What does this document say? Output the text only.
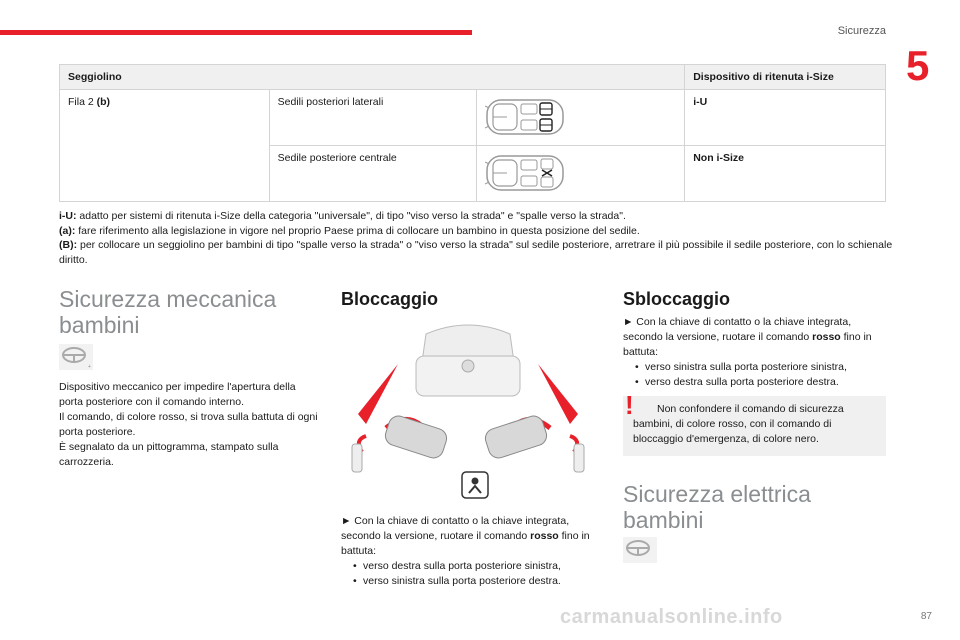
Sicurezza
5
Seggiolino			Dispositivo di ritenuta i-Size
Fila 2 (b)	Sedili posteriori laterali		i-U
	Sedile posteriore centrale		Non i-Size

i-U: adatto per sistemi di ritenuta i-Size della categoria "universale", di tipo "viso verso la strada" e "spalle verso la strada".

(a): fare riferimento alla legislazione in vigore nel proprio Paese prima di collocare un bambino in questa posizione del sedile.

(B): per collocare un seggiolino per bambini di tipo "spalle verso la strada" o "viso verso la strada" sul sedile posteriore, arretrare il più possibile il sedile posteriore, con lo schienale diritto.

Sicurezza meccanica bambini
+

Dispositivo meccanico per impedire l'apertura della porta posteriore con il comando interno.

Il comando, di colore rosso, si trova sulla battuta di ogni porta posteriore.

È segnalato da un pittogramma, stampato sulla carrozzeria.

Bloccaggio

► Con la chiave di contatto o la chiave integrata, secondo la versione, ruotare il comando rosso fino in battuta:

• verso destra sulla porta posteriore sinistra,
• verso sinistra sulla porta posteriore destra.
Sbloccaggio

► Con la chiave di contatto o la chiave integrata, secondo la versione, ruotare il comando rosso fino in battuta:

• verso sinistra sulla porta posteriore sinistra,
• verso destra sulla porta posteriore destra.
!	Non confondere il comando di sicurezza bambini, di colore rosso, con il comando di bloccaggio d'emergenza, di colore nero.
Sicurezza elettrica bambini
carmanualsonline.info	87
